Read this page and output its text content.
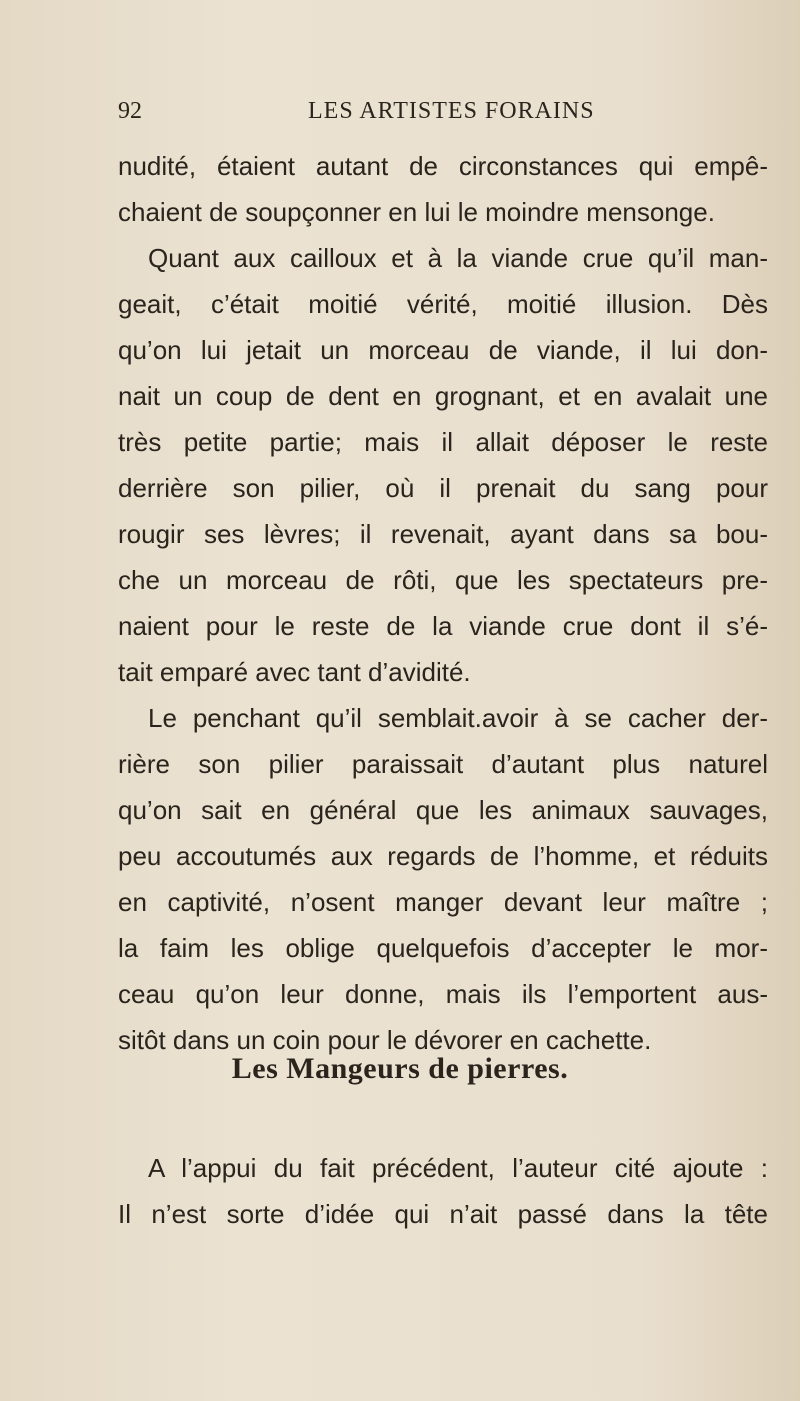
92	LES ARTISTES FORAINS
nudité, étaient autant de circonstances qui empê-
chaient de soupçonner en lui le moindre mensonge.
Quant aux cailloux et à la viande crue qu’il man-
geait, c’était moitié vérité, moitié illusion. Dès
qu’on lui jetait un morceau de viande, il lui don-
nait un coup de dent en grognant, et en avalait une
très petite partie; mais il allait déposer le reste
derrière son pilier, où il prenait du sang pour
rougir ses lèvres; il revenait, ayant dans sa bou-
che un morceau de rôti, que les spectateurs pre-
naient pour le reste de la viande crue dont il s’é-
tait emparé avec tant d’avidité.
Le penchant qu’il semblait.avoir à se cacher der-
rière son pilier paraissait d’autant plus naturel
qu’on sait en général que les animaux sauvages,
peu accoutumés aux regards de l’homme, et réduits
en captivité, n’osent manger devant leur maître ;
la faim les oblige quelquefois d’accepter le mor-
ceau qu’on leur donne, mais ils l’emportent aus-
sitôt dans un coin pour le dévorer en cachette.
Les Mangeurs de pierres.
A l’appui du fait précédent, l’auteur cité ajoute :
Il n’est sorte d’idée qui n’ait passé dans la tête
